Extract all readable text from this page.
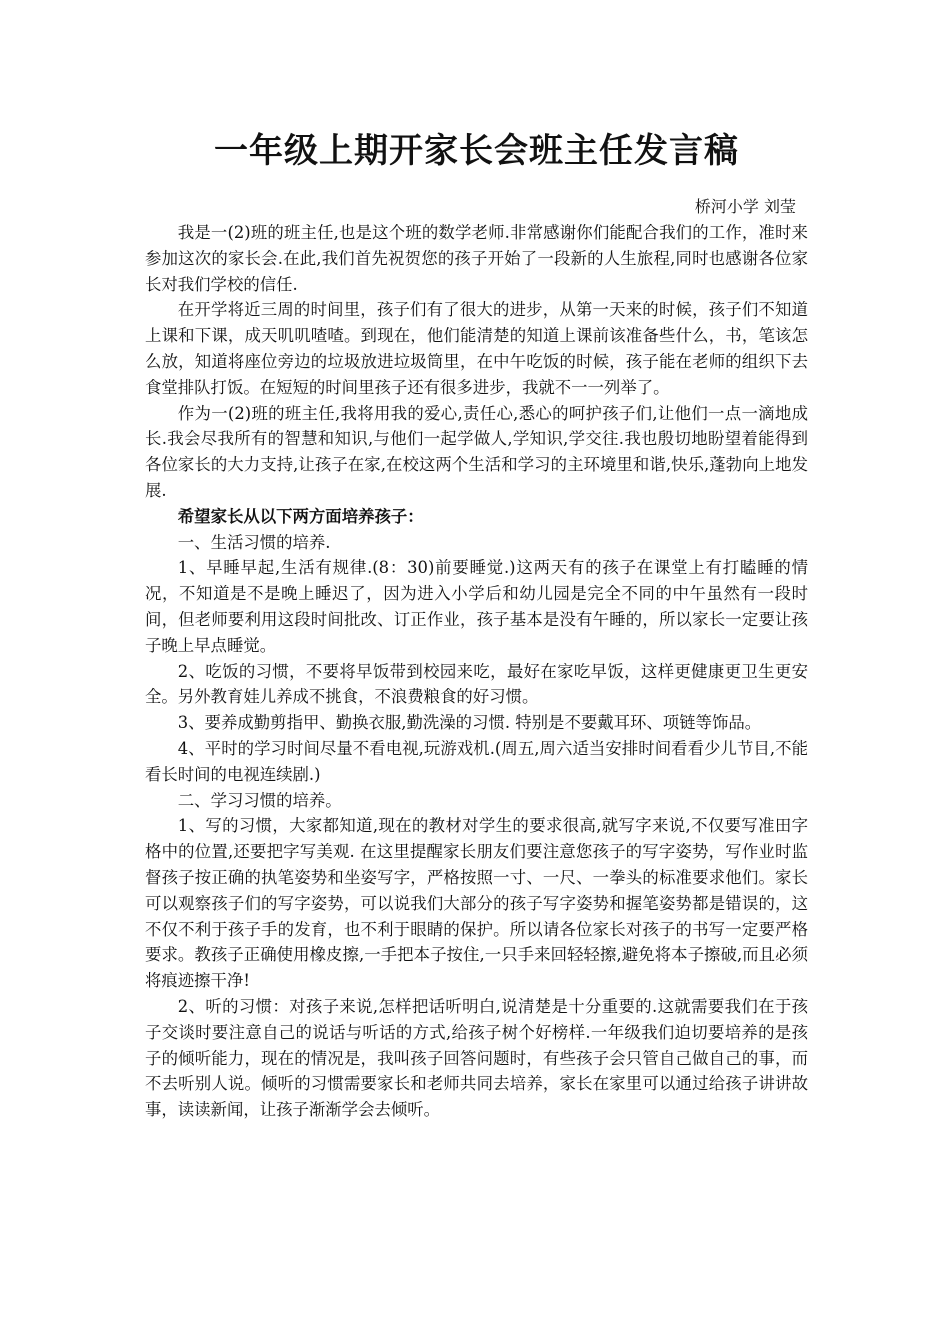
一年级上期开家长会班主任发言稿
桥河小学 刘莹

我是一(2)班的班主任,也是这个班的数学老师.非常感谢你们能配合我们的工作，准时来参加这次的家长会.在此,我们首先祝贺您的孩子开始了一段新的人生旅程,同时也感谢各位家长对我们学校的信任.

在开学将近三周的时间里，孩子们有了很大的进步，从第一天来的时候，孩子们不知道上课和下课，成天叽叽喳喳。到现在，他们能清楚的知道上课前该准备些什么，书，笔该怎么放，知道将座位旁边的垃圾放进垃圾筒里，在中午吃饭的时候，孩子能在老师的组织下去食堂排队打饭。在短短的时间里孩子还有很多进步，我就不一一列举了。

作为一(2)班的班主任,我将用我的爱心,责任心,悉心的呵护孩子们,让他们一点一滴地成长.我会尽我所有的智慧和知识,与他们一起学做人,学知识,学交往.我也殷切地盼望着能得到各位家长的大力支持,让孩子在家,在校这两个生活和学习的主环境里和谐,快乐,蓬勃向上地发展.

希望家长从以下两方面培养孩子：

一、生活习惯的培养.

1、早睡早起,生活有规律.(8：30)前要睡觉.)这两天有的孩子在课堂上有打瞌睡的情况，不知道是不是晚上睡迟了，因为进入小学后和幼儿园是完全不同的中午虽然有一段时间，但老师要利用这段时间批改、订正作业，孩子基本是没有午睡的，所以家长一定要让孩子晚上早点睡觉。

2、吃饭的习惯，不要将早饭带到校园来吃，最好在家吃早饭，这样更健康更卫生更安全。另外教育娃儿养成不挑食，不浪费粮食的好习惯。

3、要养成勤剪指甲、勤换衣服,勤洗澡的习惯. 特别是不要戴耳环、项链等饰品。

4、平时的学习时间尽量不看电视,玩游戏机.(周五,周六适当安排时间看看少儿节目,不能看长时间的电视连续剧.)

二、学习习惯的培养。

1、写的习惯，大家都知道,现在的教材对学生的要求很高,就写字来说,不仅要写准田字格中的位置,还要把字写美观. 在这里提醒家长朋友们要注意您孩子的写字姿势，写作业时监督孩子按正确的执笔姿势和坐姿写字，严格按照一寸、一尺、一拳头的标准要求他们。家长可以观察孩子们的写字姿势，可以说我们大部分的孩子写字姿势和握笔姿势都是错误的，这不仅不利于孩子手的发育，也不利于眼睛的保护。所以请各位家长对孩子的书写一定要严格要求。教孩子正确使用橡皮擦,一手把本子按住,一只手来回轻轻擦,避免将本子擦破,而且必须将痕迹擦干净!

2、听的习惯：对孩子来说,怎样把话听明白,说清楚是十分重要的.这就需要我们在于孩子交谈时要注意自己的说话与听话的方式,给孩子树个好榜样.一年级我们迫切要培养的是孩子的倾听能力，现在的情况是，我叫孩子回答问题时，有些孩子会只管自己做自己的事，而不去听别人说。倾听的习惯需要家长和老师共同去培养，家长在家里可以通过给孩子讲讲故事，读读新闻，让孩子渐渐学会去倾听。
